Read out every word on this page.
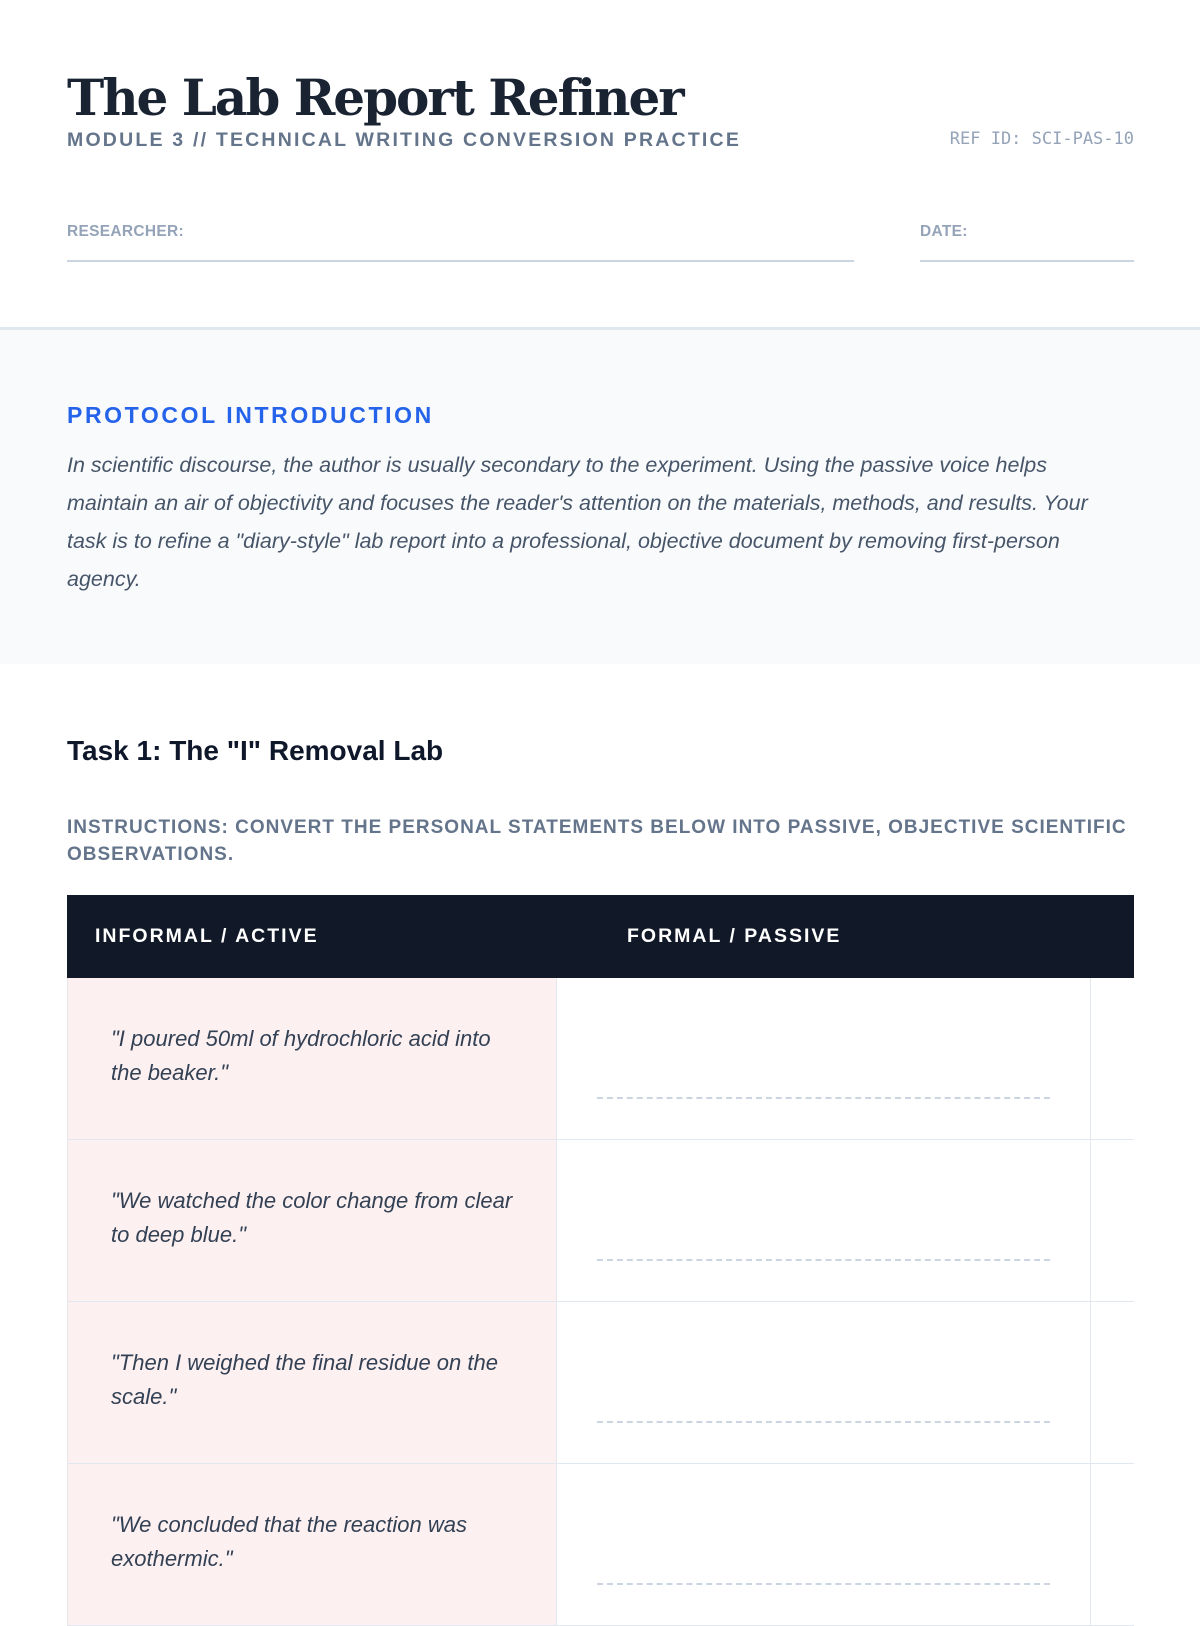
The Lab Report Refiner
MODULE 3 // TECHNICAL WRITING CONVERSION PRACTICE	REF ID: SCI-PAS-10
RESEARCHER:	DATE:
PROTOCOL INTRODUCTION

In scientific discourse, the author is usually secondary to the experiment. Using the passive voice helps maintain an air of objectivity and focuses the reader's attention on the materials, methods, and results. Your task is to refine a "diary-style" lab report into a professional, objective document by removing first-person agency.

Task 1: The "I" Removal Lab
INSTRUCTIONS: CONVERT THE PERSONAL STATEMENTS BELOW INTO PASSIVE, OBJECTIVE SCIENTIFIC OBSERVATIONS.
INFORMAL / ACTIVE	FORMAL / PASSIVE
"I poured 50ml of hydrochloric acid into the beaker."
"We watched the color change from clear to deep blue."
"Then I weighed the final residue on the scale."
"We concluded that the reaction was exothermic."
